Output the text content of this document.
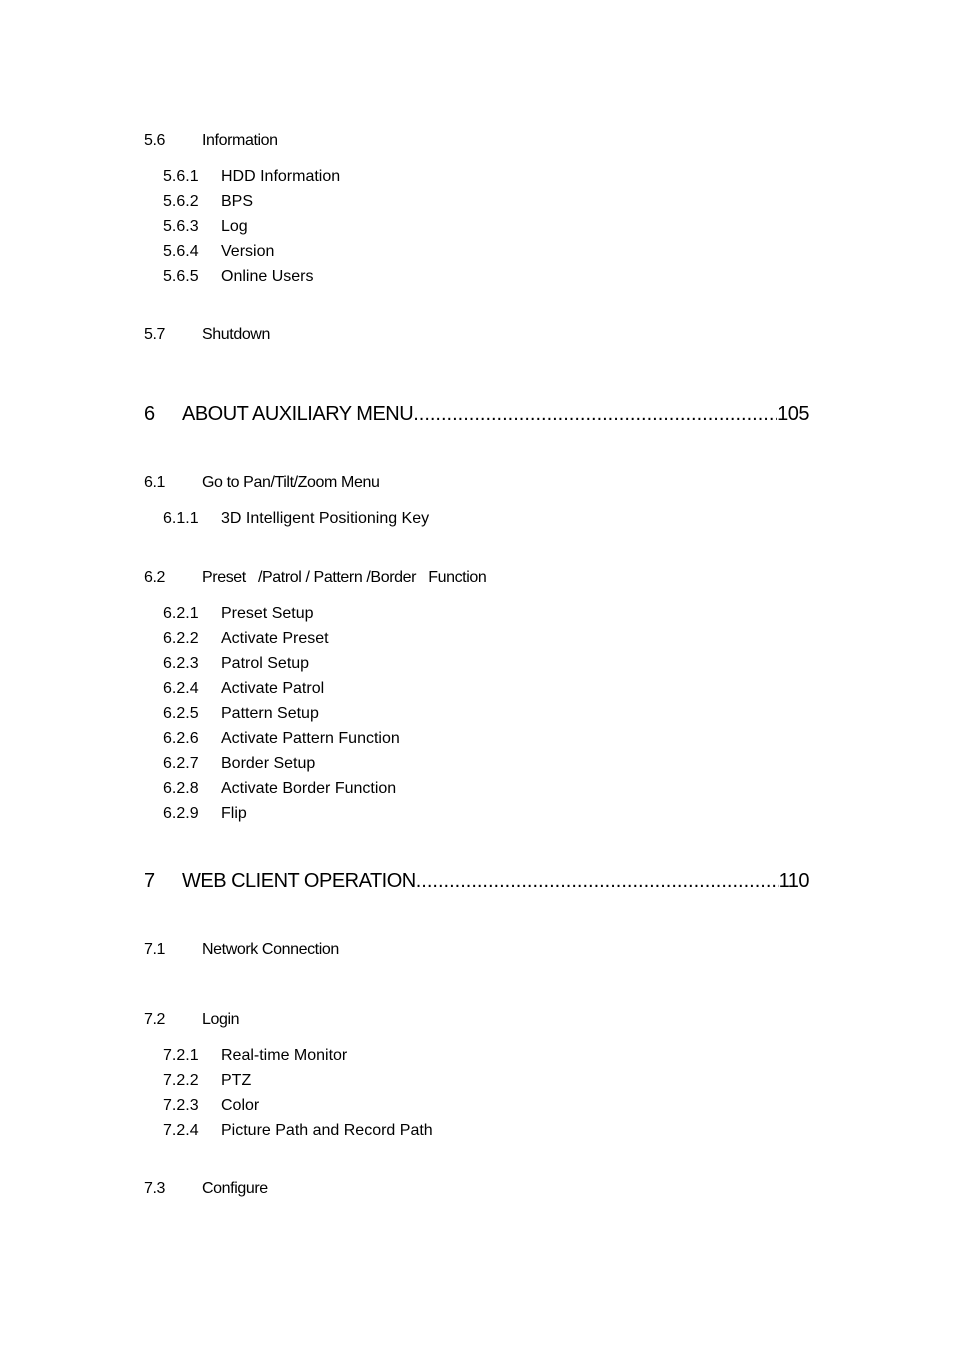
5.6 Information
5.6.1 HDD Information
5.6.2 BPS
5.6.3 Log
5.6.4 Version
5.6.5 Online Users
5.7 Shutdown
6 ABOUT AUXILIARY MENU .....	105
6.1 Go to Pan/Tilt/Zoom Menu
6.1.1 3D Intelligent Positioning Key
6.2 Preset   /Patrol / Pattern /Border   Function
6.2.1 Preset Setup
6.2.2 Activate Preset
6.2.3 Patrol Setup
6.2.4 Activate Patrol
6.2.5 Pattern Setup
6.2.6 Activate Pattern Function
6.2.7 Border Setup
6.2.8 Activate Border Function
6.2.9 Flip
7 WEB CLIENT OPERATION .....	110
7.1 Network Connection
7.2 Login
7.2.1 Real-time Monitor
7.2.2 PTZ
7.2.3 Color
7.2.4 Picture Path and Record Path
7.3 Configure
